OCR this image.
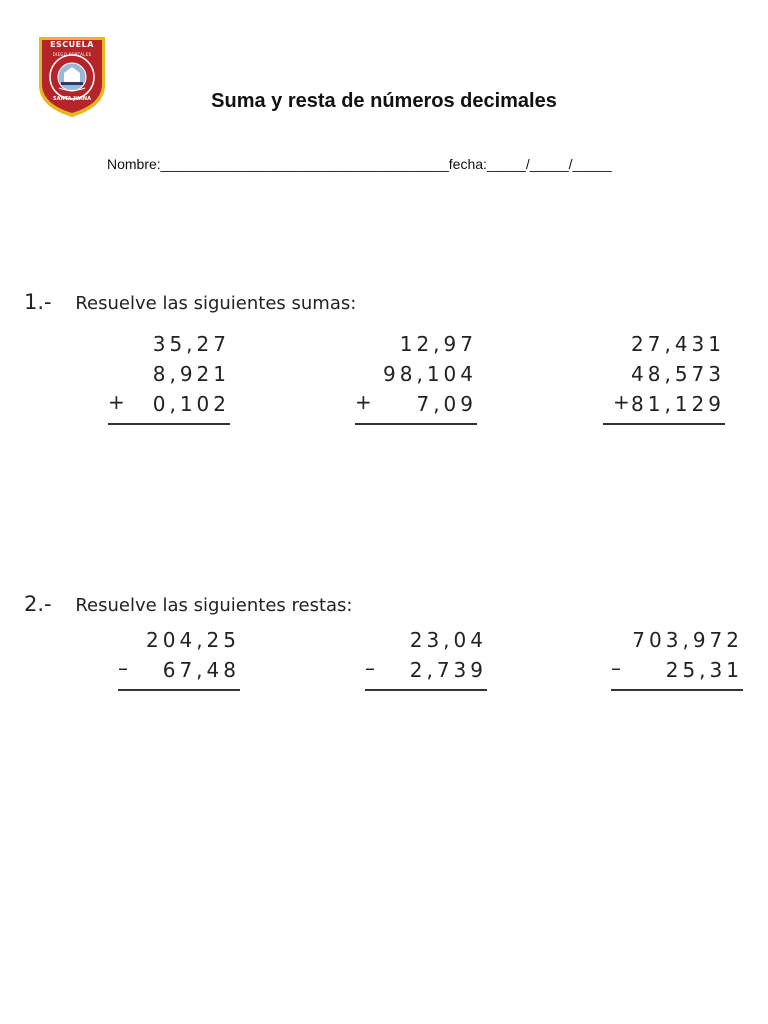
ESCUELA
DIEGO PORTALES
SANTA JUANA	Suma y resta de números decimales
Nombre:_____________________________________fecha:_____/_____/_____
1.- Resuelve las siguientes sumas:
35,27
8,921
+ 0,102
12,97
98,104
+ 7,09
27,431
48,573
+ 81,129
2.- Resuelve las siguientes restas:
204,25
– 67,48
23,04
– 2,739
703,972
– 25,31
